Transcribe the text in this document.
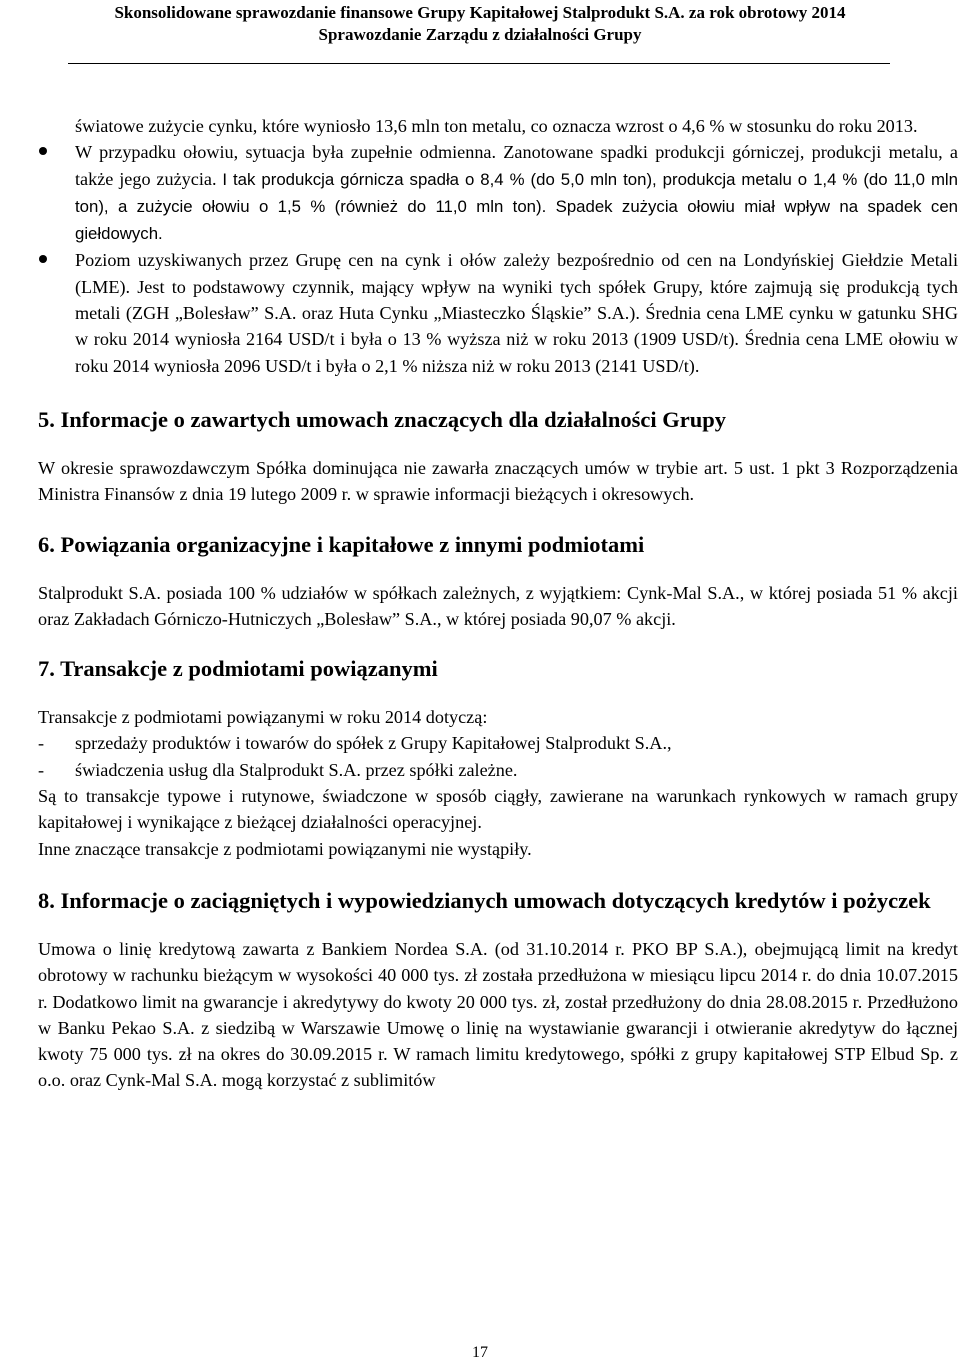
Skonsolidowane sprawozdanie finansowe Grupy Kapitałowej Stalprodukt S.A. za rok obrotowy 2014
Sprawozdanie Zarządu z działalności Grupy

światowe zużycie cynku, które wyniosło 13,6 mln ton metalu, co oznacza wzrost o 4,6 % w stosunku do roku 2013.

W przypadku ołowiu, sytuacja była zupełnie odmienna. Zanotowane spadki produkcji górniczej, produkcji metalu, a także jego zużycia. I tak produkcja górnicza spadła o 8,4 % (do 5,0 mln ton), produkcja metalu o 1,4 % (do 11,0 mln ton), a zużycie ołowiu o 1,5 % (również do 11,0 mln ton). Spadek zużycia ołowiu miał wpływ na spadek cen giełdowych.

Poziom uzyskiwanych przez Grupę cen na cynk i ołów zależy bezpośrednio od cen na Londyńskiej Giełdzie Metali (LME). Jest to podstawowy czynnik, mający wpływ na wyniki tych spółek Grupy, które zajmują się produkcją tych metali (ZGH „Bolesław” S.A. oraz Huta Cynku „Miasteczko Śląskie” S.A.). Średnia cena LME cynku w gatunku SHG w roku 2014 wyniosła 2164 USD/t i była o 13 % wyższa niż w roku 2013 (1909 USD/t). Średnia cena LME ołowiu w roku 2014 wyniosła 2096 USD/t i była o 2,1 % niższa niż w roku 2013 (2141 USD/t).

5. Informacje o zawartych umowach znaczących dla działalności Grupy

W okresie sprawozdawczym Spółka dominująca nie zawarła znaczących umów w trybie art. 5 ust. 1 pkt 3 Rozporządzenia Ministra Finansów z dnia 19 lutego 2009 r. w sprawie informacji bieżących i okresowych.

6. Powiązania organizacyjne i kapitałowe z innymi podmiotami

Stalprodukt S.A. posiada 100 % udziałów w spółkach zależnych, z wyjątkiem: Cynk-Mal S.A., w której posiada 51 % akcji oraz Zakładach Górniczo-Hutniczych „Bolesław” S.A., w której posiada 90,07 % akcji.

7. Transakcje z podmiotami powiązanymi

Transakcje z podmiotami powiązanymi w roku 2014 dotyczą:

- sprzedaży produktów i towarów do spółek z Grupy Kapitałowej Stalprodukt S.A.,
- świadczenia usług dla Stalprodukt S.A. przez spółki zależne.

Są to transakcje typowe i rutynowe, świadczone w sposób ciągły, zawierane na warunkach rynkowych w ramach grupy kapitałowej i wynikające z bieżącej działalności operacyjnej.

Inne znaczące transakcje z podmiotami powiązanymi nie wystąpiły.

8. Informacje o zaciągniętych i wypowiedzianych umowach dotyczących kredytów i pożyczek

Umowa o linię kredytową zawarta z Bankiem Nordea S.A. (od 31.10.2014 r. PKO BP S.A.), obejmującą limit na kredyt obrotowy w rachunku bieżącym w wysokości 40 000 tys. zł została przedłużona w miesiącu lipcu 2014 r. do dnia 10.07.2015 r. Dodatkowo limit na gwarancje i akredytywy do kwoty 20 000 tys. zł, został przedłużony do dnia 28.08.2015 r. Przedłużono w Banku Pekao S.A. z siedzibą w Warszawie Umowę o linię na wystawianie gwarancji i otwieranie akredytyw do łącznej kwoty 75 000 tys. zł na okres do 30.09.2015 r. W ramach limitu kredytowego, spółki z grupy kapitałowej STP Elbud Sp. z o.o. oraz Cynk-Mal S.A. mogą korzystać z sublimitów

17
